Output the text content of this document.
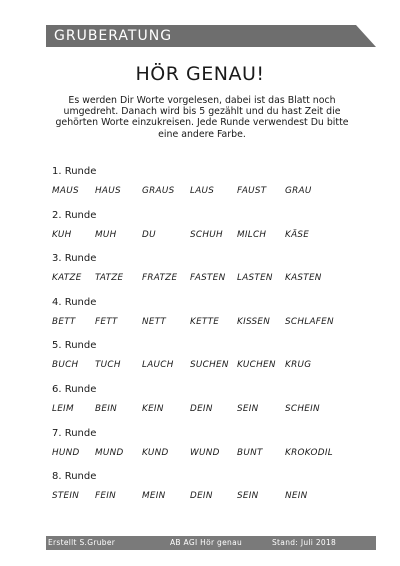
GRUBERATUNG
HÖR GENAU!
Es werden Dir Worte vorgelesen, dabei ist das Blatt noch umgedreht. Danach wird bis 5 gezählt und du hast Zeit die gehörten Worte einzukreisen. Jede Runde verwendest Du bitte eine andere Farbe.
1. Runde
MAUS HAUS GRAUS LAUS	FAUST GRAU
2. Runde
KUH	MUH	DU	SCHUH MILCH KÄSE
3. Runde
KATZE TATZE FRATZE FASTEN LASTEN KASTEN
4. Runde
BETT FETT	NETT	KETTE KISSEN SCHLAFEN
5. Runde
BUCH TUCH LAUCH SUCHEN KUCHEN KRUG
6. Runde
LEIM BEIN	KEIN	DEIN	SEIN	SCHEIN
7. Runde
HUND MUND KUND WUND BUNT	KROKODIL
8. Runde
STEIN FEIN	MEIN	DEIN	SEIN	NEIN
Erstellt S.Gruber	AB AGI Hör genau	Stand: Juli 2018
